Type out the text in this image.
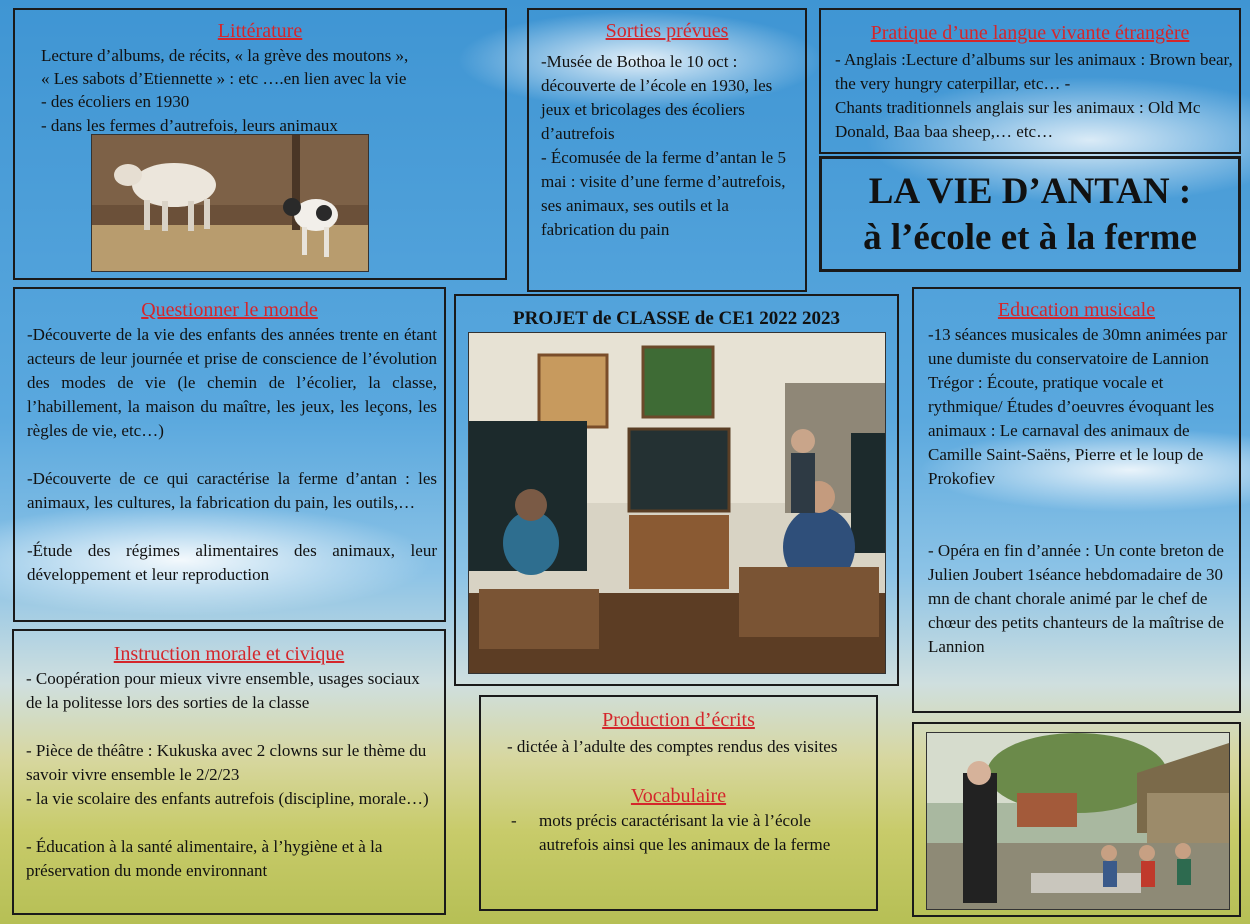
Littérature
Lecture d’albums, de récits, « la grève des moutons »,
« Les sabots d’Etiennette » : etc ….en lien avec la vie
- des écoliers en 1930
- dans les fermes d’autrefois, leurs animaux
Sorties prévues
-Musée de Bothoa le 10 oct : découverte de l’école en 1930, les jeux et bricolages des écoliers d’autrefois
- Écomusée de la ferme d’antan le 5 mai : visite d’une ferme d’autrefois, ses animaux, ses outils et la fabrication du pain
Pratique d’une langue vivante étrangère
- Anglais :Lecture d’albums sur les animaux : Brown bear, the very hungry caterpillar, etc… -
Chants traditionnels anglais sur les animaux : Old Mc Donald, Baa baa sheep,… etc…
LA VIE D’ANTAN :
à l’école et à la ferme
Questionner le monde
-Découverte de la vie des enfants des années trente en étant acteurs de leur journée et prise de conscience de l’évolution des modes de vie (le chemin de l’écolier, la classe, l’habillement, la maison du maître, les jeux, les leçons, les règles de vie, etc…)
-Découverte de ce qui caractérise la ferme d’antan : les animaux, les cultures, la fabrication du pain, les outils,…
-Étude des régimes alimentaires des animaux, leur développement et leur reproduction
PROJET de CLASSE de CE1 2022 2023	Education musicale
-13 séances musicales de 30mn animées par une dumiste du conservatoire de Lannion Trégor : Écoute, pratique vocale et rythmique/ Études d’oeuvres évoquant les animaux : Le carnaval des animaux de Camille Saint-Saëns, Pierre et le loup de Prokofiev
- Opéra en fin d’année : Un conte breton de Julien Joubert 1séance hebdomadaire de 30 mn de chant chorale animé par le chef de chœur des petits chanteurs de la maîtrise de Lannion
Instruction morale et civique
- Coopération pour mieux vivre ensemble, usages sociaux de la politesse lors des sorties de la classe
- Pièce de théâtre : Kukuska avec 2 clowns sur le thème du savoir vivre ensemble le 2/2/23
- la vie scolaire des enfants autrefois (discipline, morale…)
- Éducation à la santé alimentaire, à l’hygiène et à la préservation du monde environnant
Production d’écrits
- dictée à l’adulte des comptes rendus des visites
Vocabulaire
- mots précis caractérisant la vie à l’école autrefois ainsi que les animaux de la ferme
